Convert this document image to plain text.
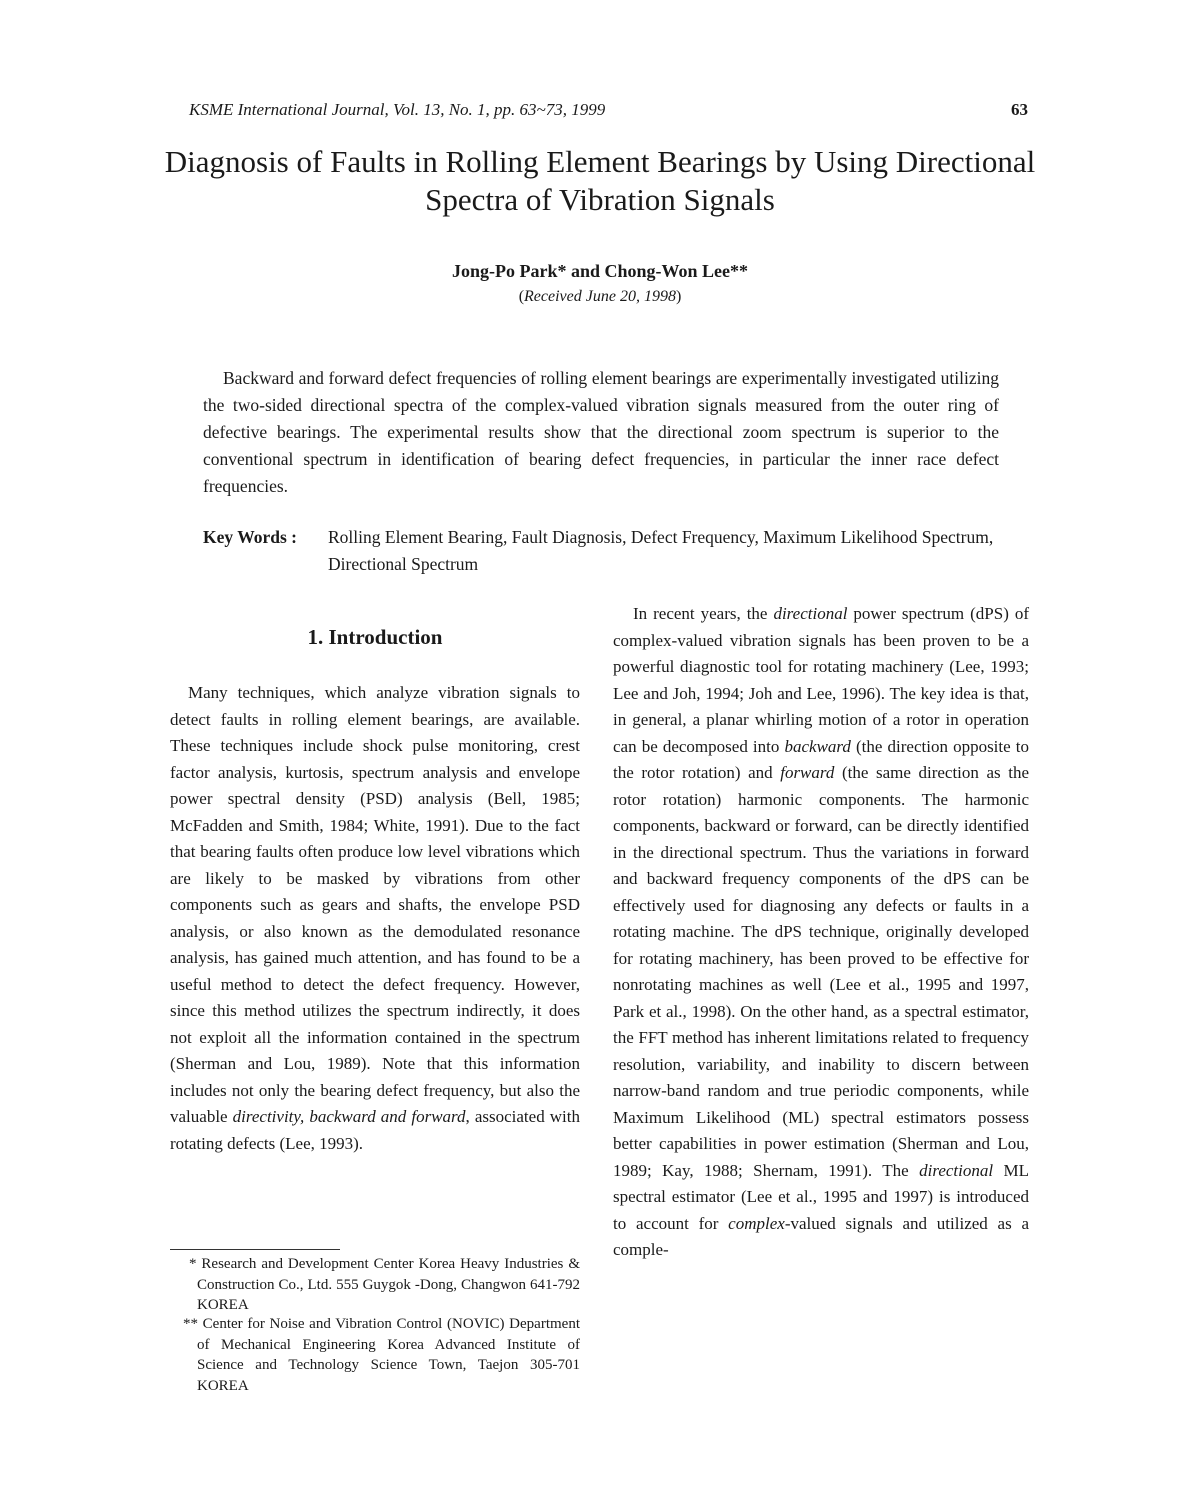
KSME International Journal, Vol. 13, No. 1, pp. 63~73, 1999	63
Diagnosis of Faults in Rolling Element Bearings by Using Directional Spectra of Vibration Signals
Jong-Po Park* and Chong-Won Lee**
(Received June 20, 1998)

Backward and forward defect frequencies of rolling element bearings are experimentally investigated utilizing the two-sided directional spectra of the complex-valued vibration signals measured from the outer ring of defective bearings. The experimental results show that the directional zoom spectrum is superior to the conventional spectrum in identification of bearing defect frequencies, in particular the inner race defect frequencies.

Key Words : Rolling Element Bearing, Fault Diagnosis, Defect Frequency, Maximum Likelihood Spectrum, Directional Spectrum
1. Introduction

Many techniques, which analyze vibration signals to detect faults in rolling element bearings, are available. These techniques include shock pulse monitoring, crest factor analysis, kurtosis, spectrum analysis and envelope power spectral density (PSD) analysis (Bell, 1985; McFadden and Smith, 1984; White, 1991). Due to the fact that bearing faults often produce low level vibrations which are likely to be masked by vibrations from other components such as gears and shafts, the envelope PSD analysis, or also known as the demodulated resonance analysis, has gained much attention, and has found to be a useful method to detect the defect frequency. However, since this method utilizes the spectrum indirectly, it does not exploit all the information contained in the spectrum (Sherman and Lou, 1989). Note that this information includes not only the bearing defect frequency, but also the valuable directivity, backward and forward, associated with rotating defects (Lee, 1993).

In recent years, the directional power spectrum (dPS) of complex-valued vibration signals has been proven to be a powerful diagnostic tool for rotating machinery (Lee, 1993; Lee and Joh, 1994; Joh and Lee, 1996). The key idea is that, in general, a planar whirling motion of a rotor in operation can be decomposed into backward (the direction opposite to the rotor rotation) and forward (the same direction as the rotor rotation) harmonic components. The harmonic components, backward or forward, can be directly identified in the directional spectrum. Thus the variations in forward and backward frequency components of the dPS can be effectively used for diagnosing any defects or faults in a rotating machine. The dPS technique, originally developed for rotating machinery, has been proved to be effective for nonrotating machines as well (Lee et al., 1995 and 1997, Park et al., 1998). On the other hand, as a spectral estimator, the FFT method has inherent limitations related to frequency resolution, variability, and inability to discern between narrow-band random and true periodic components, while Maximum Likelihood (ML) spectral estimators possess better capabilities in power estimation (Sherman and Lou, 1989; Kay, 1988; Shernam, 1991). The directional ML spectral estimator (Lee et al., 1995 and 1997) is introduced to account for complex-valued signals and utilized as a comple-

* Research and Development Center Korea Heavy Industries & Construction Co., Ltd. 555 Guygok -Dong, Changwon 641-792 KOREA

** Center for Noise and Vibration Control (NOVIC) Department of Mechanical Engineering Korea Advanced Institute of Science and Technology Science Town, Taejon 305-701 KOREA
